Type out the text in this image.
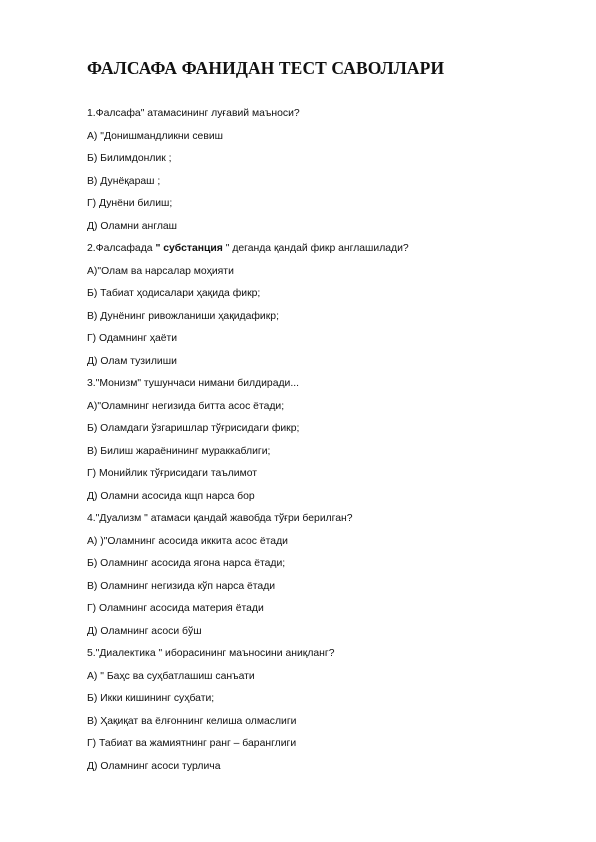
ФАЛСАФА ФАНИДАН ТЕСТ САВОЛЛАРИ
1.Фалсафа" атамасининг луғавий маъноси?
А) "Донишмандликни севиш
Б) Билимдонлик ;
В) Дунёқараш ;
Г) Дунёни билиш;
Д) Оламни англаш
2.Фалсафада " субстанция " деганда қандай фикр англашилади?
А)"Олам ва нарсалар моҳияти
Б) Табиат ҳодисалари ҳақида фикр;
В) Дунёнинг ривожланиши ҳақидафикр;
Г) Одамнинг ҳаёти
Д) Олам тузилиши
3."Монизм" тушунчаси нимани билдиради...
А)"Оламнинг негизида битта асос ётади;
Б) Оламдаги ўзгаришлар тўғрисидаги фикр;
В) Билиш жараёнининг мураккаблиги;
Г) Монийлик тўғрисидаги таълимот
Д) Оламни асосида кщп нарса бор
4."Дуализм " атамаси қандай жавобда тўғри берилган?
А) )"Оламнинг асосида иккита асос ётади
Б) Оламнинг асосида ягона нарса ётади;
В) Оламнинг негизида кўп нарса ётади
Г) Оламнинг асосида материя ётади
Д) Оламнинг асоси бўш
5."Диалектика " иборасининг маъносини аниқланг?
А) " Баҳс ва суҳбатлашиш санъати
Б) Икки кишининг суҳбати;
В) Ҳақиқат ва ёлғоннинг келиша олмаслиги
Г) Табиат ва жамиятнинг ранг – баранглиги
Д) Оламнинг асоси турлича
